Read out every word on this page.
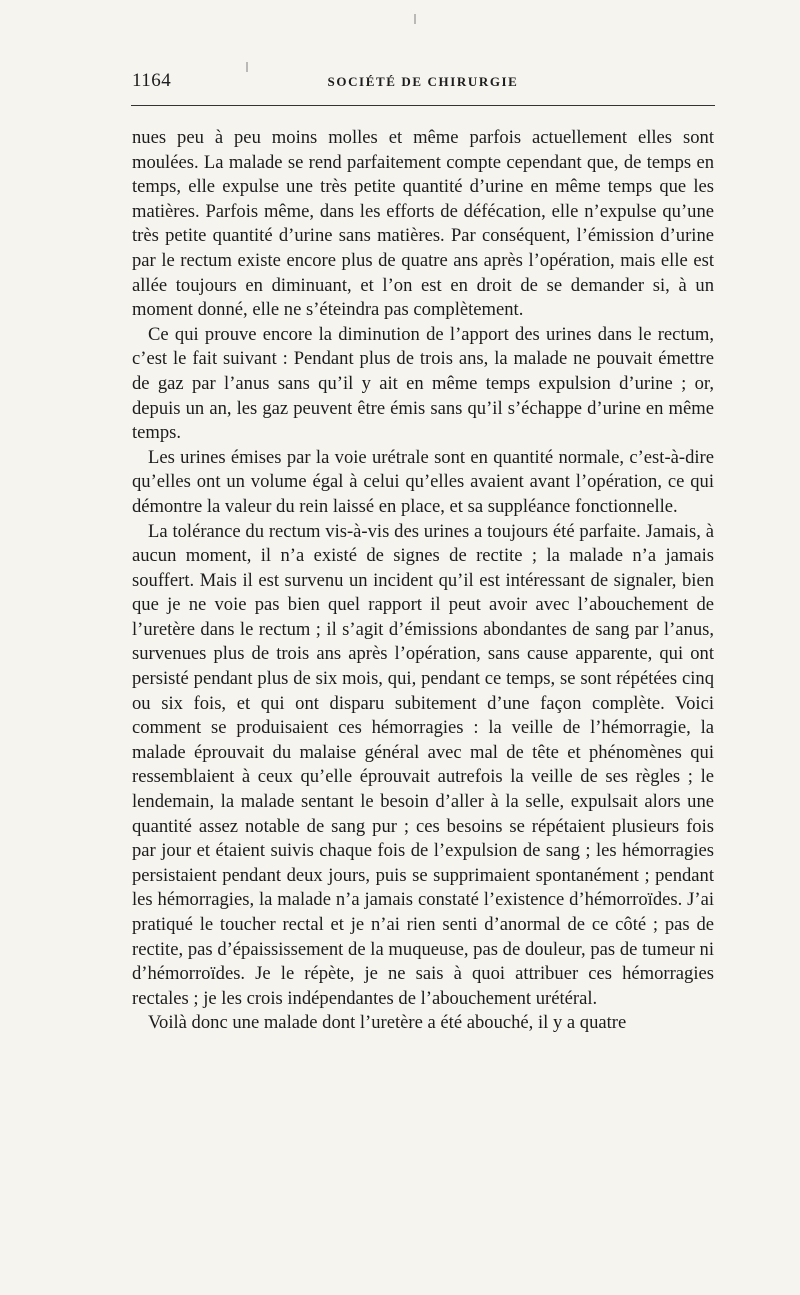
1164	SOCIÉTÉ DE CHIRURGIE

nues peu à peu moins molles et même parfois actuellement elles sont moulées. La malade se rend parfaitement compte cependant que, de temps en temps, elle expulse une très petite quantité d’urine en même temps que les matières. Parfois même, dans les efforts de défécation, elle n’expulse qu’une très petite quantité d’urine sans matières. Par conséquent, l’émission d’urine par le rectum existe encore plus de quatre ans après l’opération, mais elle est allée toujours en diminuant, et l’on est en droit de se demander si, à un moment donné, elle ne s’éteindra pas complètement.

Ce qui prouve encore la diminution de l’apport des urines dans le rectum, c’est le fait suivant : Pendant plus de trois ans, la malade ne pouvait émettre de gaz par l’anus sans qu’il y ait en même temps expulsion d’urine ; or, depuis un an, les gaz peuvent être émis sans qu’il s’échappe d’urine en même temps.

Les urines émises par la voie urétrale sont en quantité normale, c’est-à-dire qu’elles ont un volume égal à celui qu’elles avaient avant l’opération, ce qui démontre la valeur du rein laissé en place, et sa suppléance fonctionnelle.

La tolérance du rectum vis-à-vis des urines a toujours été parfaite. Jamais, à aucun moment, il n’a existé de signes de rectite ; la malade n’a jamais souffert. Mais il est survenu un incident qu’il est intéressant de signaler, bien que je ne voie pas bien quel rapport il peut avoir avec l’abouchement de l’uretère dans le rectum ; il s’agit d’émissions abondantes de sang par l’anus, survenues plus de trois ans après l’opération, sans cause apparente, qui ont persisté pendant plus de six mois, qui, pendant ce temps, se sont répétées cinq ou six fois, et qui ont disparu subitement d’une façon complète. Voici comment se produisaient ces hémorragies : la veille de l’hémorragie, la malade éprouvait du malaise général avec mal de tête et phénomènes qui ressemblaient à ceux qu’elle éprouvait autrefois la veille de ses règles ; le lendemain, la malade sentant le besoin d’aller à la selle, expulsait alors une quantité assez notable de sang pur ; ces besoins se répétaient plusieurs fois par jour et étaient suivis chaque fois de l’expulsion de sang ; les hémorragies persistaient pendant deux jours, puis se supprimaient spontanément ; pendant les hémorragies, la malade n’a jamais constaté l’existence d’hémorroïdes. J’ai pratiqué le toucher rectal et je n’ai rien senti d’anormal de ce côté ; pas de rectite, pas d’épaississement de la muqueuse, pas de douleur, pas de tumeur ni d’hémorroïdes. Je le répète, je ne sais à quoi attribuer ces hémorragies rectales ; je les crois indépendantes de l’abouchement urétéral.

Voilà donc une malade dont l’uretère a été abouché, il y a quatre
